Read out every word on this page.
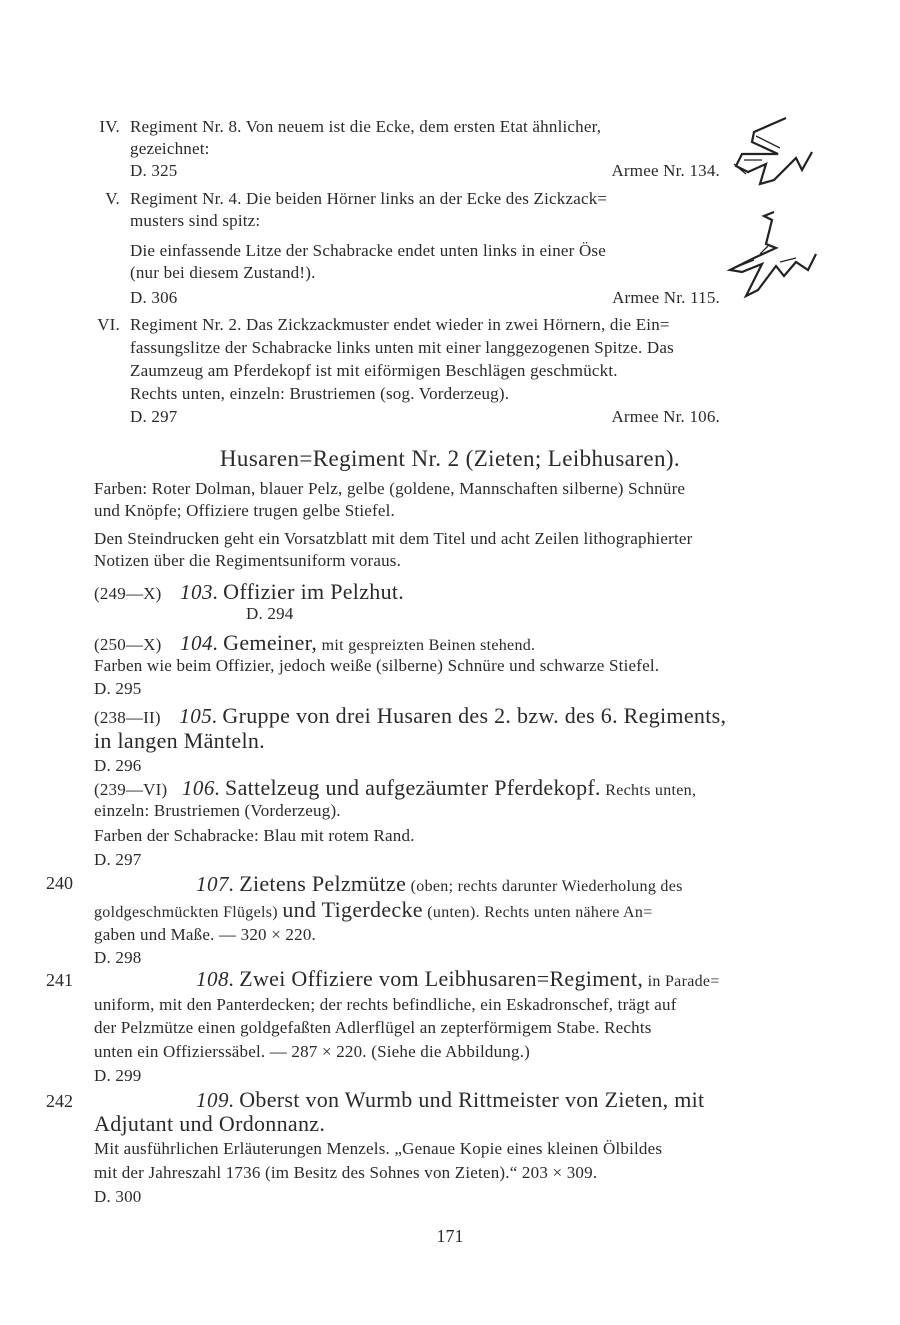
IV. Regiment Nr. 8. Von neuem ist die Ecke, dem ersten Etat ähnlicher,
gezeichnet:
D. 325	Armee Nr. 134.
V. Regiment Nr. 4. Die beiden Hörner links an der Ecke des Zickzack=
musters sind spitz:
Die einfassende Litze der Schabracke endet unten links in einer Öse
(nur bei diesem Zustand!).
D. 306	Armee Nr. 115.
VI. Regiment Nr. 2. Das Zickzackmuster endet wieder in zwei Hörnern, die Ein=
fassungslitze der Schabracke links unten mit einer langgezogenen Spitze. Das
Zaumzeug am Pferdekopf ist mit eiförmigen Beschlägen geschmückt.
Rechts unten, einzeln: Brustriemen (sog. Vorderzeug).
D. 297	Armee Nr. 106.
Husaren=Regiment Nr. 2 (Zieten; Leibhusaren).
Farben: Roter Dolman, blauer Pelz, gelbe (goldene, Mannschaften silberne) Schnüre
und Knöpfe; Offiziere trugen gelbe Stiefel.
Den Steindrucken geht ein Vorsatzblatt mit dem Titel und acht Zeilen lithographierter
Notizen über die Regimentsuniform voraus.
(249—X) 103. Offizier im Pelzhut.
D. 294
(250—X) 104. Gemeiner, mit gespreizten Beinen stehend.
Farben wie beim Offizier, jedoch weiße (silberne) Schnüre und schwarze Stiefel.
D. 295
(238—II) 105. Gruppe von drei Husaren des 2. bzw. des 6. Regiments,
in langen Mänteln.
D. 296
(239—VI) 106. Sattelzeug und aufgezäumter Pferdekopf. Rechts unten,
einzeln: Brustriemen (Vorderzeug).
Farben der Schabracke: Blau mit rotem Rand.
D. 297
240	107. Zietens Pelzmütze (oben; rechts darunter Wiederholung des
goldgeschmückten Flügels) und Tigerdecke (unten). Rechts unten nähere An=
gaben und Maße. — 320 × 220.
D. 298
241	108. Zwei Offiziere vom Leibhusaren=Regiment, in Parade=
uniform, mit den Panterdecken; der rechts befindliche, ein Eskadronschef, trägt auf
der Pelzmütze einen goldgefaßten Adlerflügel an zepterförmigem Stabe. Rechts
unten ein Offizierssäbel. — 287 × 220. (Siehe die Abbildung.)
D. 299
242	109. Oberst von Wurmb und Rittmeister von Zieten, mit
Adjutant und Ordonnanz.
Mit ausführlichen Erläuterungen Menzels. „Genaue Kopie eines kleinen Ölbildes
mit der Jahreszahl 1736 (im Besitz des Sohnes von Zieten).“ 203 × 309.
D. 300
171
